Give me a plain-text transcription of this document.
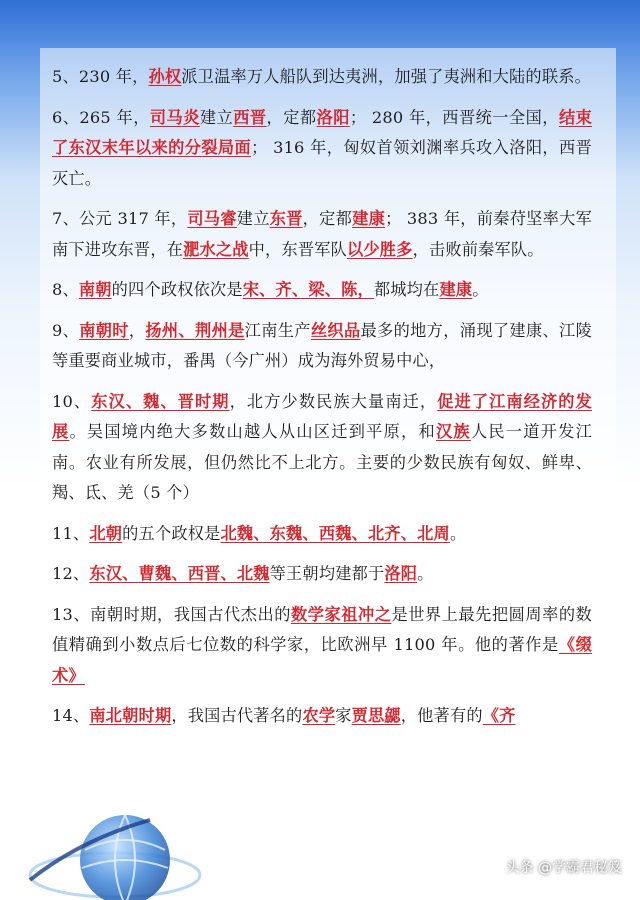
5、230 年，孙权派卫温率万人船队到达夷洲，加强了夷洲和大陆的联系。

6、265 年，司马炎建立西晋，定都洛阳； 280 年，西晋统一全国，结束了东汉末年以来的分裂局面； 316 年，匈奴首领刘渊率兵攻入洛阳，西晋灭亡。

7、公元 317 年，司马睿建立东晋，定都建康； 383 年，前秦苻坚率大军南下进攻东晋，在淝水之战中，东晋军队以少胜多，击败前秦军队。

8、南朝的四个政权依次是宋、齐、梁、陈，都城均在建康。

9、南朝时，扬州、荆州是江南生产丝织品最多的地方，涌现了建康、江陵等重要商业城市，番禺（今广州）成为海外贸易中心，

10、东汉、魏、晋时期，北方少数民族大量南迁，促进了江南经济的发展。吴国境内绝大多数山越人从山区迁到平原，和汉族人民一道开发江南。农业有所发展，但仍然比不上北方。主要的少数民族有匈奴、鲜卑、羯、氐、羌（5 个）

11、北朝的五个政权是北魏、东魏、西魏、北齐、北周。

12、东汉、曹魏、西晋、北魏等王朝均建都于洛阳。

13、南朝时期，我国古代杰出的数学家祖冲之是世界上最先把圆周率的数值精确到小数点后七位数的科学家，比欧洲早 1100 年。他的著作是《缀术》

14、南北朝时期，我国古代著名的农学家贾思勰，他著有的《齐

头条 @学霸君秘笈
